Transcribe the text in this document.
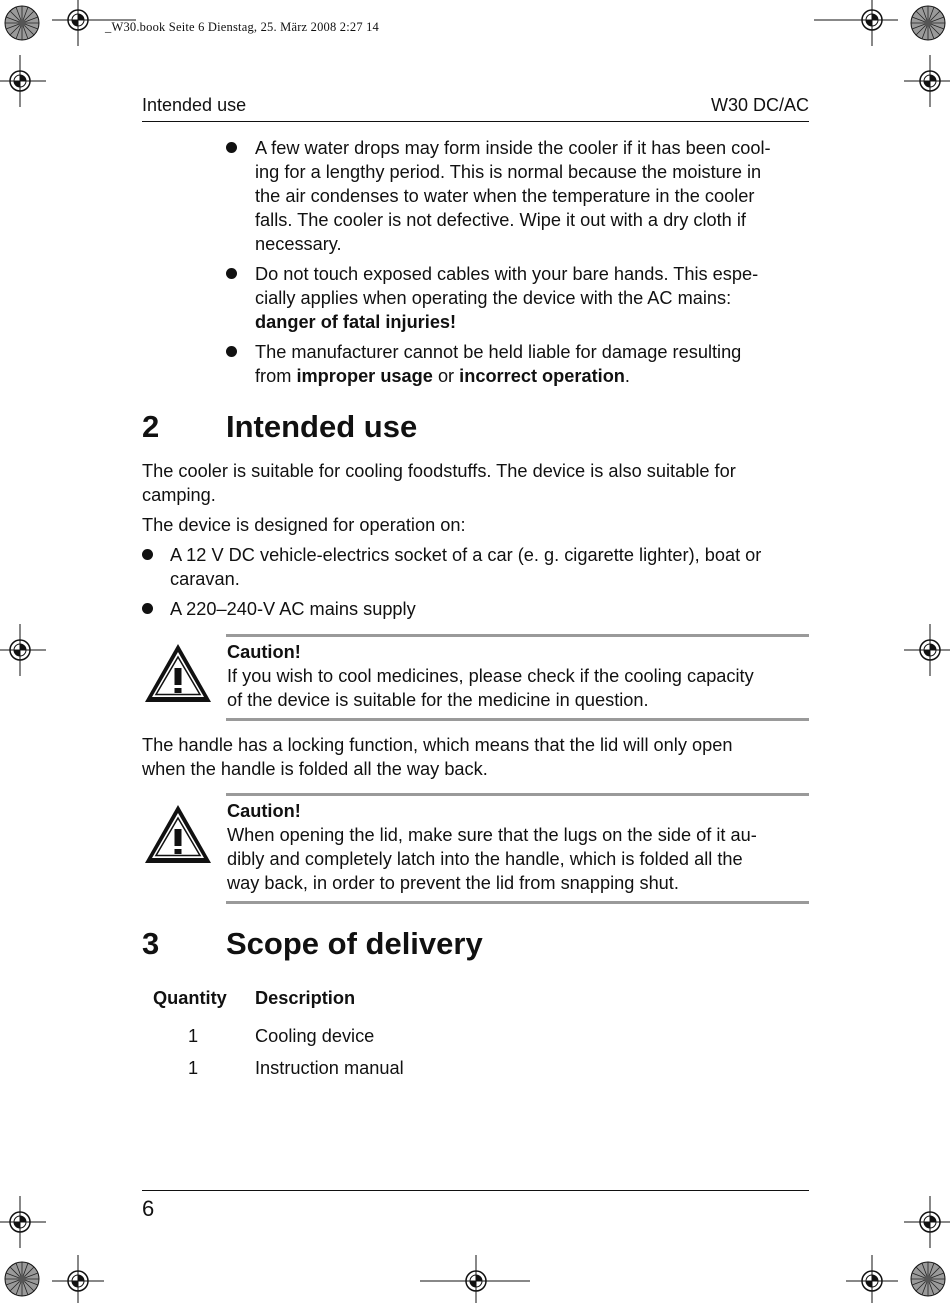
_W30.book Seite 6 Dienstag, 25. März 2008 2:27 14
Intended use	W30 DC/AC
A few water drops may form inside the cooler if it has been cool-
ing for a lengthy period. This is normal because the moisture in
the air condenses to water when the temperature in the cooler
falls. The cooler is not defective. Wipe it out with a dry cloth if
necessary.
Do not touch exposed cables with your bare hands. This espe-
cially applies when operating the device with the AC mains:
danger of fatal injuries!
The manufacturer cannot be held liable for damage resulting
from improper usage or incorrect operation.
2 Intended use
The cooler is suitable for cooling foodstuffs. The device is also suitable for
camping.
The device is designed for operation on:
A 12 V DC vehicle-electrics socket of a car (e. g. cigarette lighter), boat or
caravan.
A 220–240-V AC mains supply
Caution!
If you wish to cool medicines, please check if the cooling capacity
of the device is suitable for the medicine in question.
The handle has a locking function, which means that the lid will only open
when the handle is folded all the way back.
Caution!
When opening the lid, make sure that the lugs on the side of it au-
dibly and completely latch into the handle, which is folded all the
way back, in order to prevent the lid from snapping shut.
3 Scope of delivery
Quantity Description
1	Cooling device
1	Instruction manual
6
